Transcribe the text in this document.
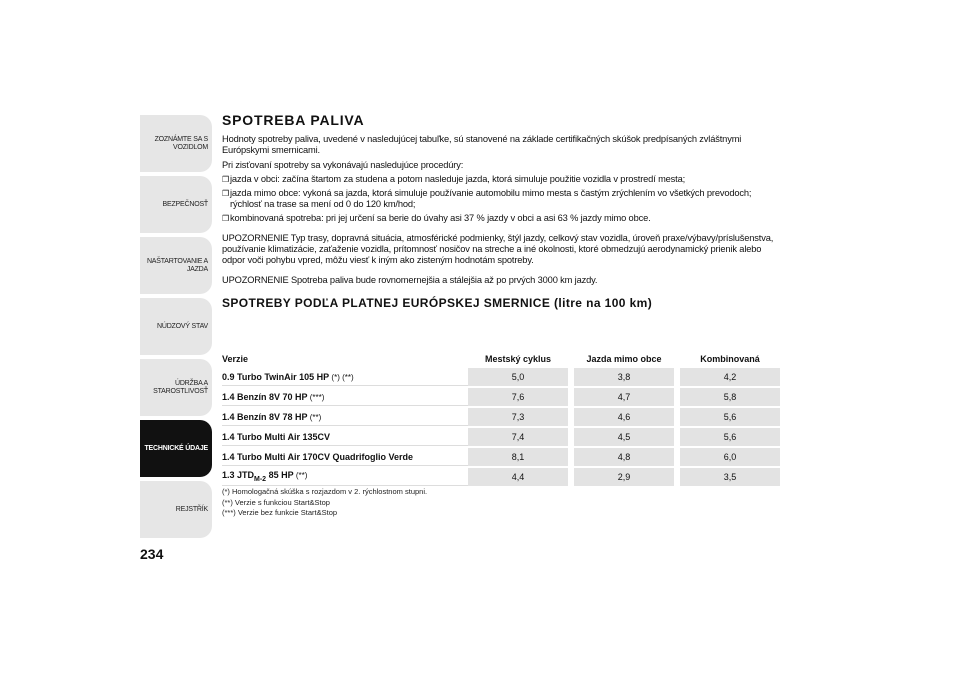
ZOZNÁMTE SA S
VOZIDLOM
BEZPEČNOSŤ
NAŠTARTOVANIE A
JAZDA
NÚDZOVÝ STAV
ÚDRŽBA A
STAROSTLIVOSŤ
TECHNICKÉ ÚDAJE
REJSTŘÍK
234
SPOTREBA PALIVA

Hodnoty spotreby paliva, uvedené v nasledujúcej tabuľke, sú stanovené na základe certifikačných skúšok predpísaných zvláštnymi Európskymi smernicami.

Pri zisťovaní spotreby sa vykonávajú nasledujúce procedúry:

❒ jazda v obci: začína štartom za studena a potom nasleduje jazda, ktorá simuluje použitie vozidla v prostredí mesta;
❒ jazda mimo obce: vykoná sa jazda, ktorá simuluje používanie automobilu mimo mesta s častým zrýchlením vo všetkých prevodoch; rýchlosť na trase sa mení od 0 do 120 km/hod;
❒ kombinovaná spotreba: pri jej určení sa berie do úvahy asi 37 % jazdy v obci a asi 63 % jazdy mimo obce.

UPOZORNENIE Typ trasy, dopravná situácia, atmosférické podmienky, štýl jazdy, celkový stav vozidla, úroveň praxe/výbavy/príslušenstva, používanie klimatizácie, zaťaženie vozidla, prítomnosť nosičov na streche a iné okolnosti, ktoré obmedzujú aerodynamický prienik alebo odpor voči pohybu vpred, môžu viesť k iným ako zisteným hodnotám spotreby.

UPOZORNENIE Spotreba paliva bude rovnomernejšia a stálejšia až po prvých 3000 km jazdy.

SPOTREBY PODĽA PLATNEJ EURÓPSKEJ SMERNICE (litre na 100 km)
Verzie	Mestský cyklus		Jazda mimo obce		Kombinovaná
0.9 Turbo TwinAir 105 HP (*) (**)	5,0		3,8		4,2
1.4 Benzín 8V 70 HP (***)	7,6		4,7		5,8
1.4 Benzín 8V 78 HP (**)	7,3		4,6		5,6
1.4 Turbo Multi Air 135CV	7,4		4,5		5,6
1.4 Turbo Multi Air 170CV Quadrifoglio Verde	8,1		4,8		6,0
1.3 $JTD_{M-2}$ 85 HP (**)	4,4		2,9		3,5
(*) Homologačná skúška s rozjazdom v 2. rýchlostnom stupni.
(**) Verzie s funkciou Start&Stop
(***) Verzie bez funkcie Start&Stop
